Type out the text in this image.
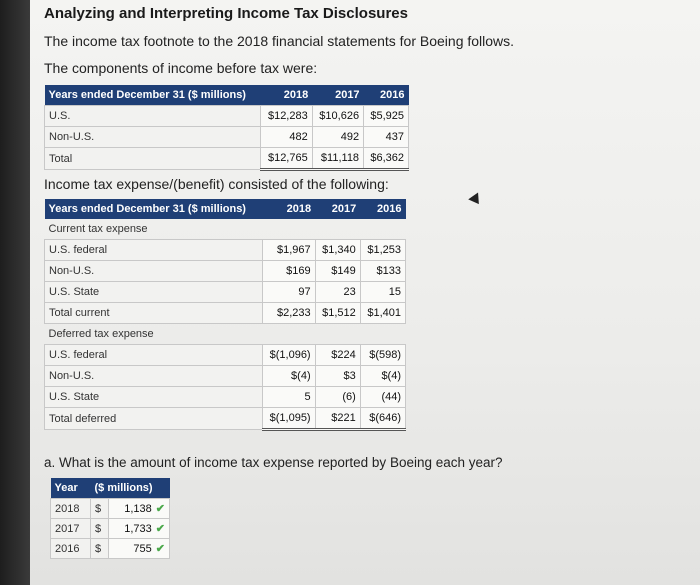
Analyzing and Interpreting Income Tax Disclosures
The income tax footnote to the 2018 financial statements for Boeing follows.
The components of income before tax were:
Years ended December 31 ($ millions)	2018	2017	2016
U.S.	$12,283	$10,626	$5,925
Non-U.S.	482	492	437
Total	$12,765	$11,118	$6,362
Income tax expense/(benefit) consisted of the following:
Years ended December 31 ($ millions)	2018	2017	2016
Current tax expense			
U.S. federal	$1,967	$1,340	$1,253
Non-U.S.	$169	$149	$133
U.S. State	97	23	15
Total current	$2,233	$1,512	$1,401
Deferred tax expense			
U.S. federal	$(1,096)	$224	$(598)
Non-U.S.	$(4)	$3	$(4)
U.S. State	5	(6)	(44)
Total deferred	$(1,095)	$221	$(646)
a. What is the amount of income tax expense reported by Boeing each year?
Year	($ millions)	
2018	$	1,138 ✔
2017	$	1,733 ✔
2016	$	755 ✔
